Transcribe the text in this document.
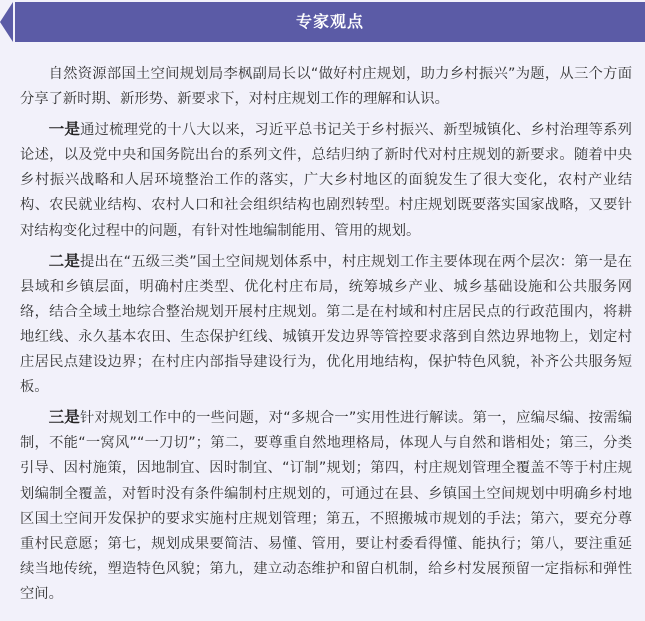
专家观点

自然资源部国土空间规划局李枫副局长以“做好村庄规划，助力乡村振兴”为题，从三个方面分享了新时期、新形势、新要求下，对村庄规划工作的理解和认识。

一是通过梳理党的十八大以来，习近平总书记关于乡村振兴、新型城镇化、乡村治理等系列论述，以及党中央和国务院出台的系列文件，总结归纳了新时代对村庄规划的新要求。随着中央乡村振兴战略和人居环境整治工作的落实，广大乡村地区的面貌发生了很大变化，农村产业结构、农民就业结构、农村人口和社会组织结构也剧烈转型。村庄规划既要落实国家战略，又要针对结构变化过程中的问题，有针对性地编制能用、管用的规划。

二是提出在“五级三类”国土空间规划体系中，村庄规划工作主要体现在两个层次：第一是在县域和乡镇层面，明确村庄类型、优化村庄布局，统筹城乡产业、城乡基础设施和公共服务网络，结合全域土地综合整治规划开展村庄规划。第二是在村域和村庄居民点的行政范围内，将耕地红线、永久基本农田、生态保护红线、城镇开发边界等管控要求落到自然边界地物上，划定村庄居民点建设边界；在村庄内部指导建设行为，优化用地结构，保护特色风貌，补齐公共服务短板。

三是针对规划工作中的一些问题，对“多规合一”实用性进行解读。第一，应编尽编、按需编制，不能“一窝风”“一刀切”；第二，要尊重自然地理格局，体现人与自然和谐相处；第三，分类引导、因村施策，因地制宜、因时制宜、“订制”规划；第四，村庄规划管理全覆盖不等于村庄规划编制全覆盖，对暂时没有条件编制村庄规划的，可通过在县、乡镇国土空间规划中明确乡村地区国土空间开发保护的要求实施村庄规划管理；第五，不照搬城市规划的手法；第六，要充分尊重村民意愿；第七，规划成果要简洁、易懂、管用，要让村委看得懂、能执行；第八，要注重延续当地传统，塑造特色风貌；第九，建立动态维护和留白机制，给乡村发展预留一定指标和弹性空间。
